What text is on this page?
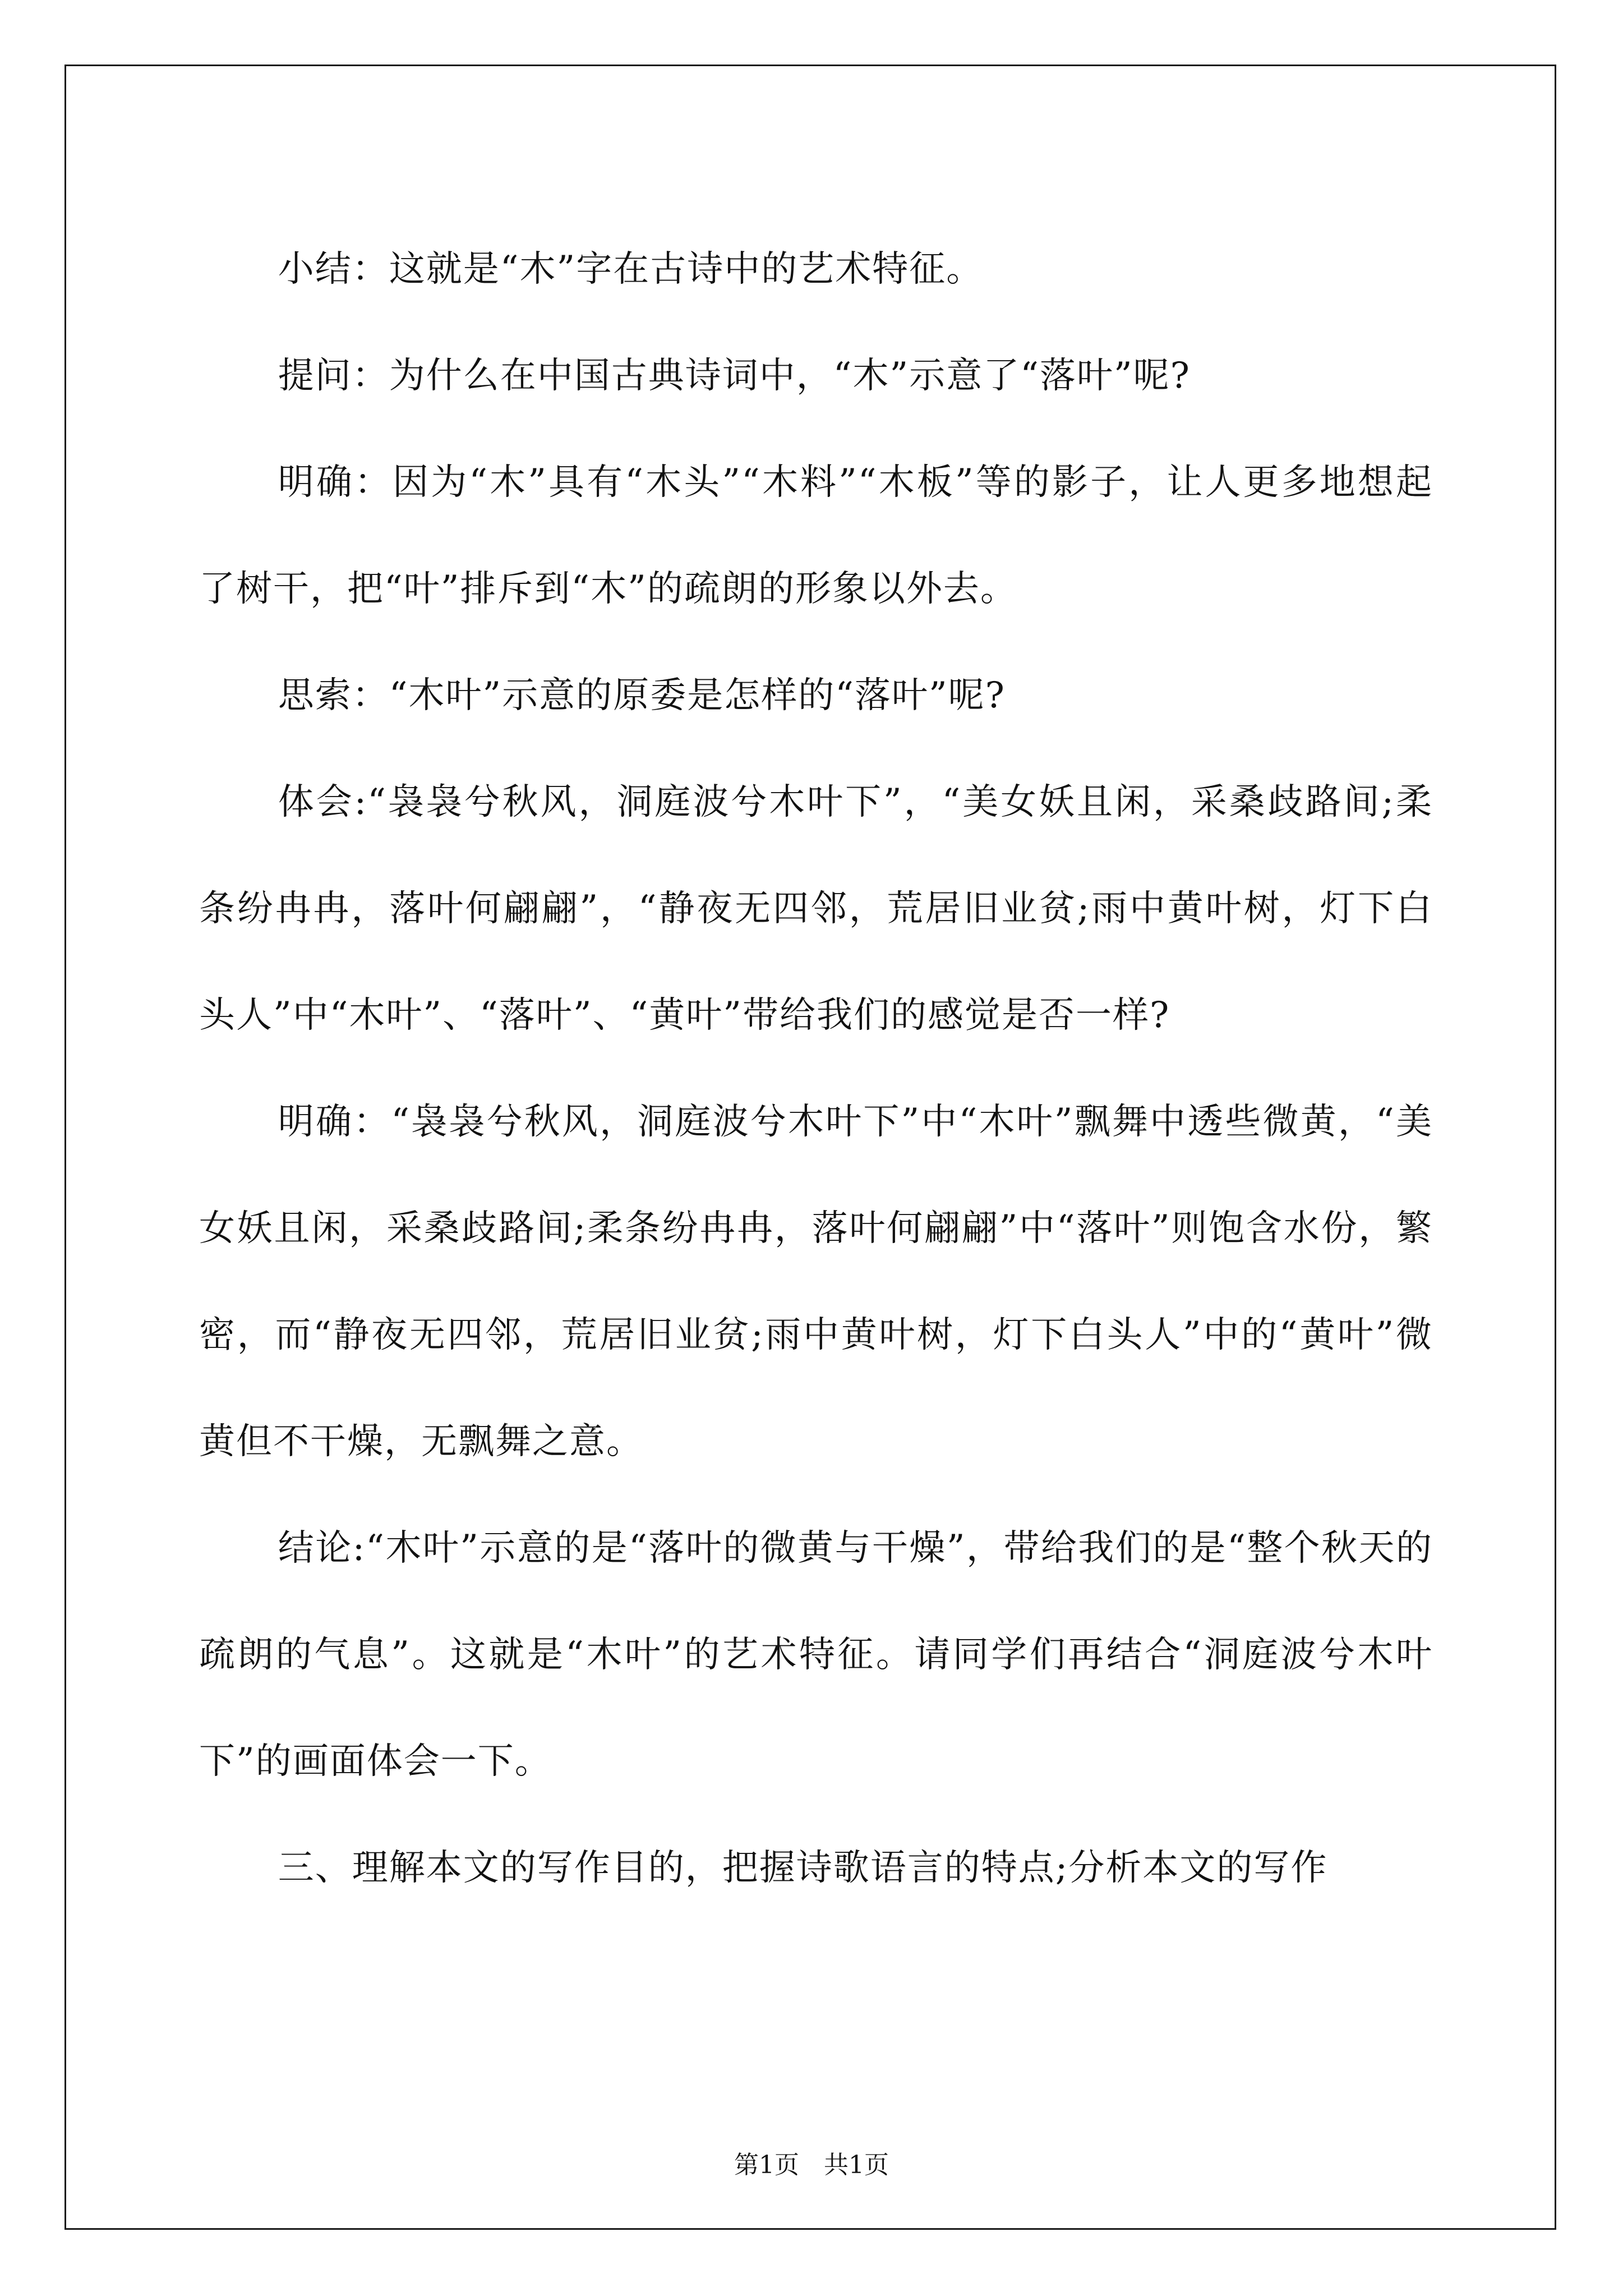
小结：这就是“木”字在古诗中的艺术特征。

提问：为什么在中国古典诗词中，“木”示意了“落叶”呢?

明确：因为“木”具有“木头”“木料”“木板”等的影子，让人更多地想起了树干，把“叶”排斥到“木”的疏朗的形象以外去。

思索：“木叶”示意的原委是怎样的“落叶”呢?

体会:“袅袅兮秋风，洞庭波兮木叶下”，“美女妖且闲，采桑歧路间;柔条纷冉冉，落叶何翩翩”，“静夜无四邻，荒居旧业贫;雨中黄叶树，灯下白头人”中“木叶”、“落叶”、“黄叶”带给我们的感觉是否一样?

明确：“袅袅兮秋风，洞庭波兮木叶下”中“木叶”飘舞中透些微黄，“美女妖且闲，采桑歧路间;柔条纷冉冉，落叶何翩翩”中“落叶”则饱含水份，繁密，而“静夜无四邻，荒居旧业贫;雨中黄叶树，灯下白头人”中的“黄叶”微黄但不干燥，无飘舞之意。

结论:“木叶”示意的是“落叶的微黄与干燥”，带给我们的是“整个秋天的疏朗的气息”。这就是“木叶”的艺术特征。请同学们再结合“洞庭波兮木叶下”的画面体会一下。

三、理解本文的写作目的，把握诗歌语言的特点;分析本文的写作

第1页　共1页
